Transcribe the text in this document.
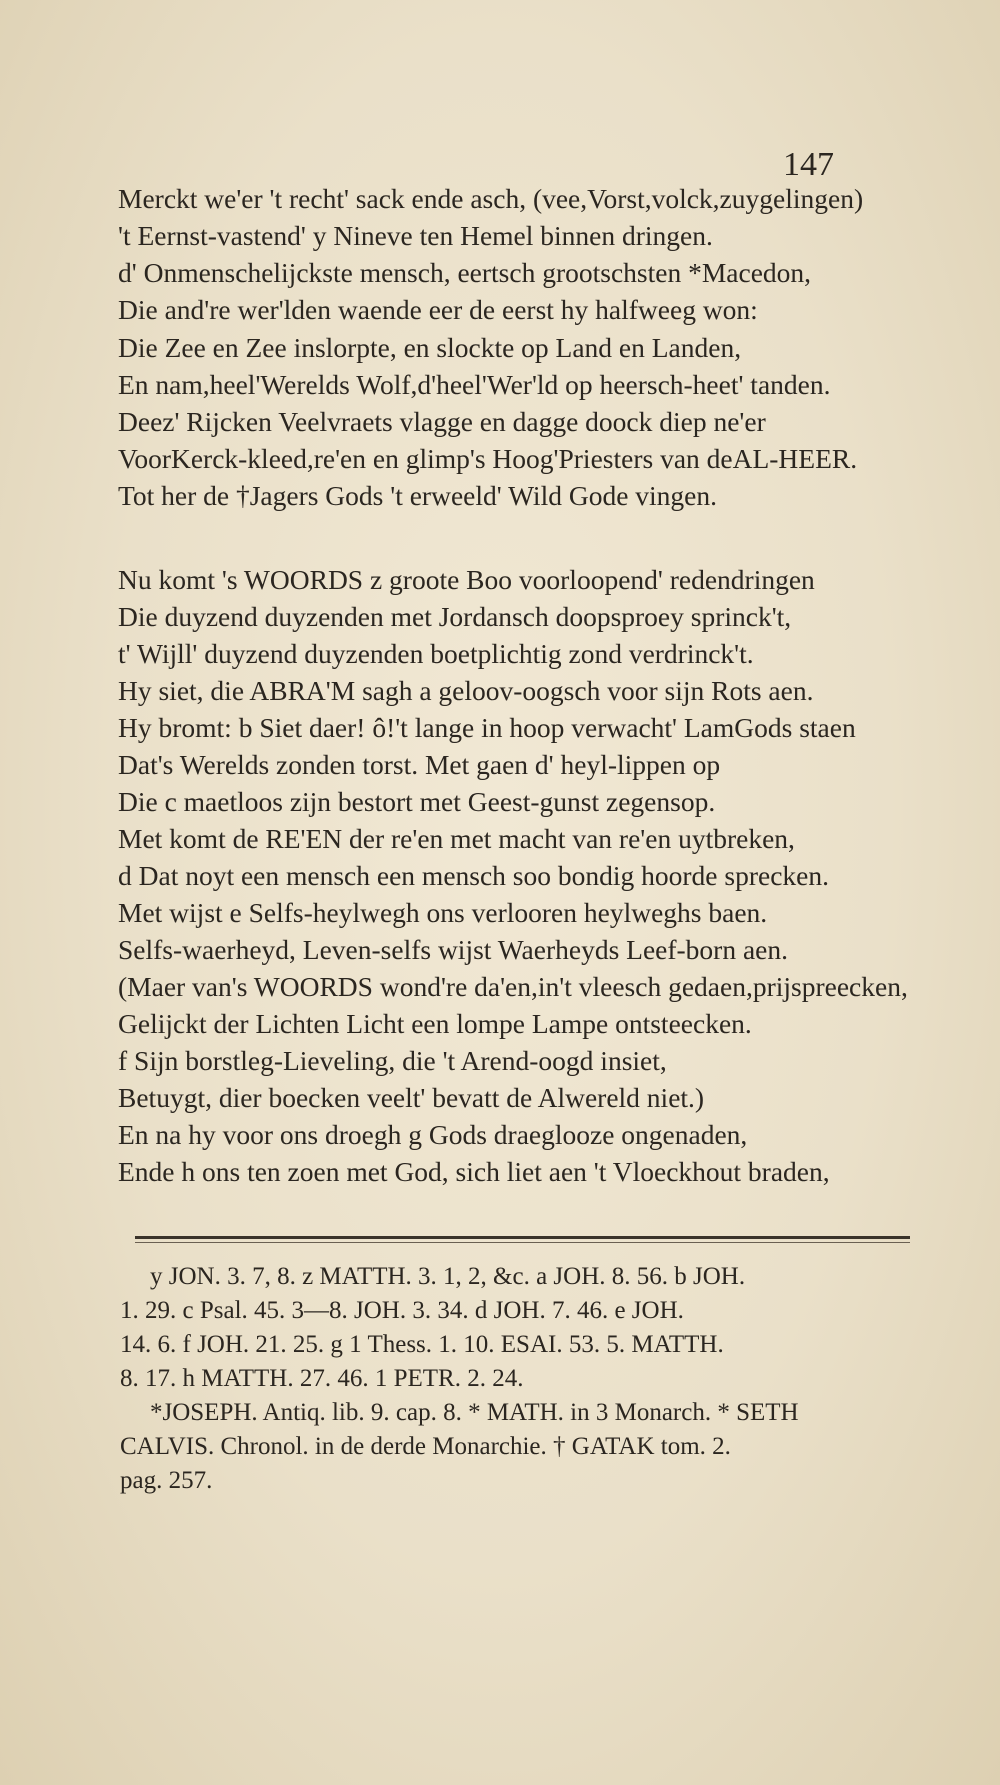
147
Merckt we'er 't recht' sack ende asch, (vee,Vorst,volck,zuygelingen)
't Eernst-vastend' y Nineve ten Hemel binnen dringen.
d' Onmenschelijckste mensch, eertsch grootschsten *Macedon,
Die and're wer'lden waende eer de eerst hy halfweeg won:
Die Zee en Zee inslorpte, en slockte op Land en Landen,
En nam,heel'Werelds Wolf,d'heel'Wer'ld op heersch-heet' tanden.
Deez' Rijcken Veelvraets vlagge en dagge doock diep ne'er
VoorKerck-kleed,re'en en glimp's Hoog'Priesters van deAL-HEER.
Tot her de †Jagers Gods 't erweeld' Wild Gode vingen.
Nu komt 's WOORDS z groote Boo voorloopend' redendringen
Die duyzend duyzenden met Jordansch doopsproey sprinck't,
t' Wijll' duyzend duyzenden boetplichtig zond verdrinck't.
Hy siet, die ABRA'M sagh a geloov-oogsch voor sijn Rots aen.
Hy bromt: b Siet daer! ô!'t lange in hoop verwacht' LamGods staen
Dat's Werelds zonden torst. Met gaen d' heyl-lippen op
Die c maetloos zijn bestort met Geest-gunst zegensop.
Met komt de RE'EN der re'en met macht van re'en uytbreken,
d Dat noyt een mensch een mensch soo bondig hoorde sprecken.
Met wijst e Selfs-heylwegh ons verlooren heylweghs baen.
Selfs-waerheyd, Leven-selfs wijst Waerheyds Leef-born aen.
(Maer van's WOORDS wond're da'en,in't vleesch gedaen,prijspreecken,
Gelijckt der Lichten Licht een lompe Lampe ontsteecken.
f Sijn borstleg-Lieveling, die 't Arend-oogd insiet,
Betuygt, dier boecken veelt' bevatt de Alwereld niet.)
En na hy voor ons droegh g Gods draeglooze ongenaden,
Ende h ons ten zoen met God, sich liet aen 't Vloeckhout braden,
y JON. 3. 7, 8. z MATTH. 3. 1, 2, &c. a JOH. 8. 56. b JOH.
1. 29. c Psal. 45. 3—8. JOH. 3. 34. d JOH. 7. 46. e JOH.
14. 6. f JOH. 21. 25. g 1 Thess. 1. 10. ESAI. 53. 5. MATTH.
8. 17. h MATTH. 27. 46. 1 PETR. 2. 24.
*JOSEPH. Antiq. lib. 9. cap. 8. * MATH. in 3 Monarch. * SETH
CALVIS. Chronol. in de derde Monarchie. † GATAK tom. 2.
pag. 257.
